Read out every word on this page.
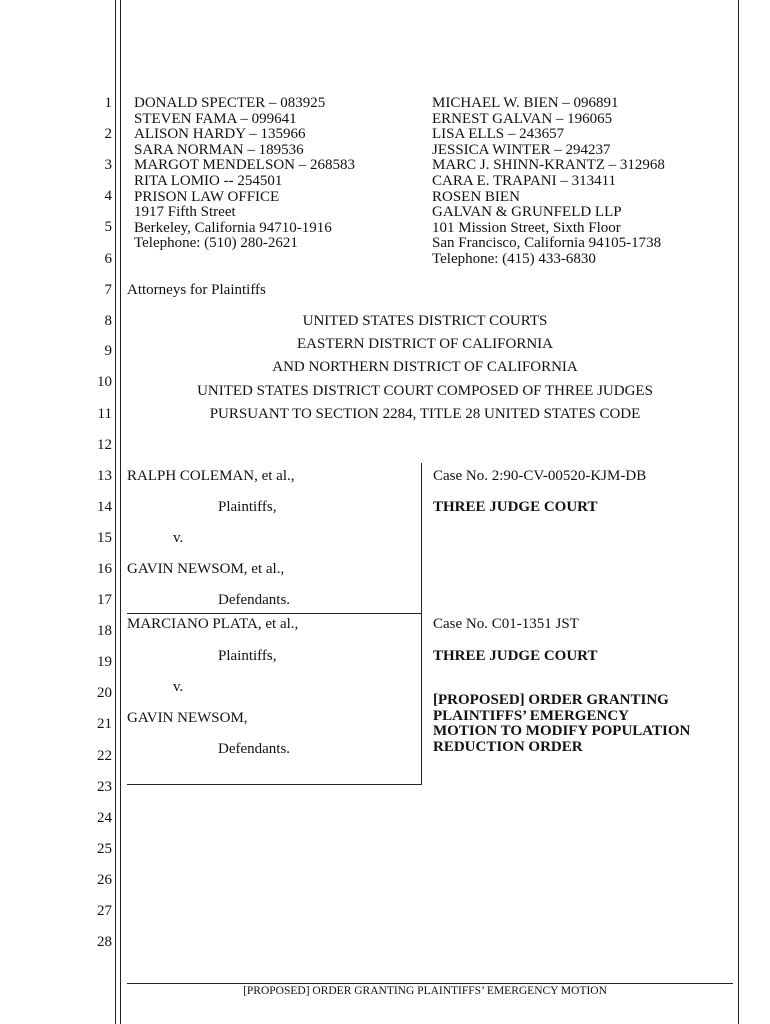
1
2
3
4
5
6
7
8
9
10
11
12
13
14
15
16
17
18
19
20
21
22
23
24
25
26
27
28
DONALD SPECTER – 083925
STEVEN FAMA – 099641
ALISON HARDY – 135966
SARA NORMAN – 189536
MARGOT MENDELSON – 268583
RITA LOMIO -- 254501
PRISON LAW OFFICE
1917 Fifth Street
Berkeley, California 94710-1916
Telephone: (510) 280-2621
MICHAEL W. BIEN – 096891
ERNEST GALVAN – 196065
LISA ELLS – 243657
JESSICA WINTER – 294237
MARC J. SHINN-KRANTZ – 312968
CARA E. TRAPANI – 313411
ROSEN BIEN
GALVAN & GRUNFELD LLP
101 Mission Street, Sixth Floor
San Francisco, California 94105-1738
Telephone: (415) 433-6830
Attorneys for Plaintiffs
UNITED STATES DISTRICT COURTS
EASTERN DISTRICT OF CALIFORNIA
AND NORTHERN DISTRICT OF CALIFORNIA
UNITED STATES DISTRICT COURT COMPOSED OF THREE JUDGES
PURSUANT TO SECTION 2284, TITLE 28 UNITED STATES CODE
RALPH COLEMAN, et al.,
Plaintiffs,
v.
GAVIN NEWSOM, et al.,
Defendants.
Case No. 2:90-CV-00520-KJM-DB
THREE JUDGE COURT
MARCIANO PLATA, et al.,
Plaintiffs,
v.
GAVIN NEWSOM,
Defendants.
Case No. C01-1351 JST
THREE JUDGE COURT
[PROPOSED] ORDER GRANTING
PLAINTIFFS’ EMERGENCY
MOTION TO MODIFY POPULATION
REDUCTION ORDER
[PROPOSED] ORDER GRANTING PLAINTIFFS’ EMERGENCY MOTION
